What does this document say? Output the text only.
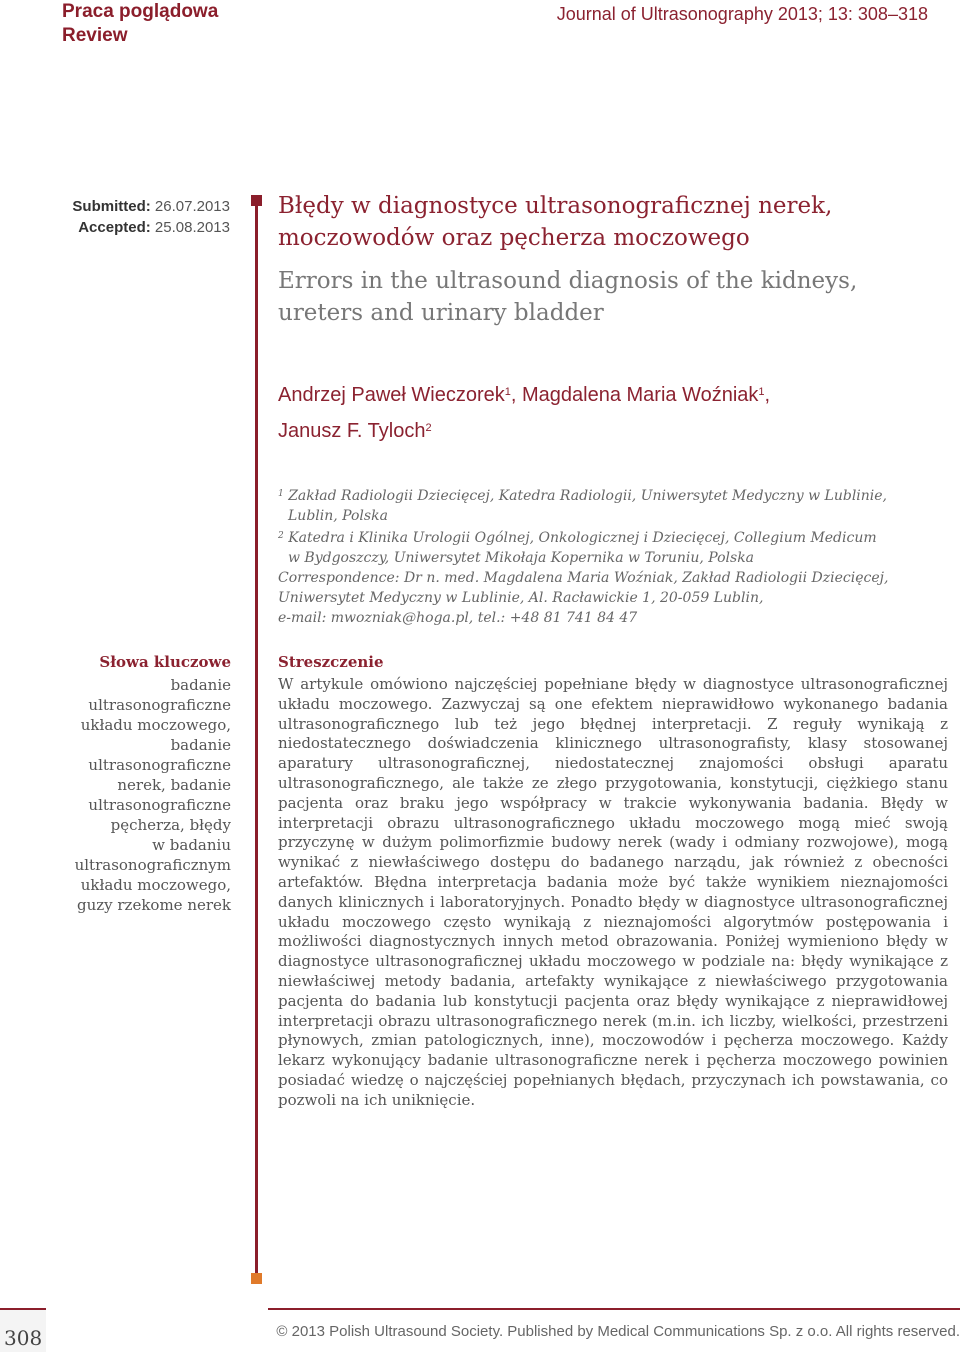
Praca poglądowa
Review
Journal of Ultrasonography 2013; 13: 308–318
Submitted: 26.07.2013
Accepted: 25.08.2013
Błędy w diagnostyce ultrasonograficznej nerek, moczowodów oraz pęcherza moczowego
Errors in the ultrasound diagnosis of the kidneys, ureters and urinary bladder
Andrzej Paweł Wieczorek$^1$, Magdalena Maria Woźniak$^1$,
Janusz F. Tyloch$^2$

$^1$ Zakład Radiologii Dziecięcej, Katedra Radiologii, Uniwersytet Medyczny w Lublinie,

Lublin, Polska

$^2$ Katedra i Klinika Urologii Ogólnej, Onkologicznej i Dziecięcej, Collegium Medicum

w Bydgoszczy, Uniwersytet Mikołaja Kopernika w Toruniu, Polska

Correspondence: Dr n. med. Magdalena Maria Woźniak, Zakład Radiologii Dziecięcej,

Uniwersytet Medyczny w Lublinie, Al. Racławickie 1, 20-059 Lublin,

e-mail: mwozniak@hoga.pl, tel.: +48 81 741 84 47

Słowa kluczowe
badanie
ultrasonograficzne
układu moczowego,
badanie
ultrasonograficzne
nerek, badanie
ultrasonograficzne
pęcherza, błędy
w badaniu
ultrasonograficznym
układu moczowego,
guzy rzekome nerek
Streszczenie

W artykule omówiono najczęściej popełniane błędy w diagnostyce ultrasonograficznej układu moczowego. Zazwyczaj są one efektem nieprawidłowo wykonanego badania ultrasonograficznego lub też jego błędnej interpretacji. Z reguły wynikają z niedostatecznego doświadczenia klinicznego ultrasonografisty, klasy stosowanej aparatury ultrasonograficznej, niedostatecznej znajomości obsługi aparatu ultrasonograficznego, ale także ze złego przygotowania, konstytucji, ciężkiego stanu pacjenta oraz braku jego współpracy w trakcie wykonywania badania. Błędy w interpretacji obrazu ultrasonograficznego układu moczowego mogą mieć swoją przyczynę w dużym polimorfizmie budowy nerek (wady i odmiany rozwojowe), mogą wynikać z niewłaściwego dostępu do badanego narządu, jak również z obecności artefaktów. Błędna interpretacja badania może być także wynikiem nieznajomości danych klinicznych i laboratoryjnych. Ponadto błędy w diagnostyce ultrasonograficznej układu moczowego często wynikają z nieznajomości algorytmów postępowania i możliwości diagnostycznych innych metod obrazowania. Poniżej wymieniono błędy w diagnostyce ultrasonograficznej układu moczowego w podziale na: błędy wynikające z niewłaściwej metody badania, artefakty wynikające z niewłaściwego przygotowania pacjenta do badania lub konstytucji pacjenta oraz błędy wynikające z nieprawidłowej interpretacji obrazu ultrasonograficznego nerek (m.in. ich liczby, wielkości, przestrzeni płynowych, zmian patologicznych, inne), moczowodów i pęcherza moczowego. Każdy lekarz wykonujący badanie ultrasonograficzne nerek i pęcherza moczowego powinien posiadać wiedzę o najczęściej popełnianych błędach, przyczynach ich powstawania, co pozwoli na ich uniknięcie.

308	© 2013 Polish Ultrasound Society. Published by Medical Communications Sp. z o.o. All rights reserved.
